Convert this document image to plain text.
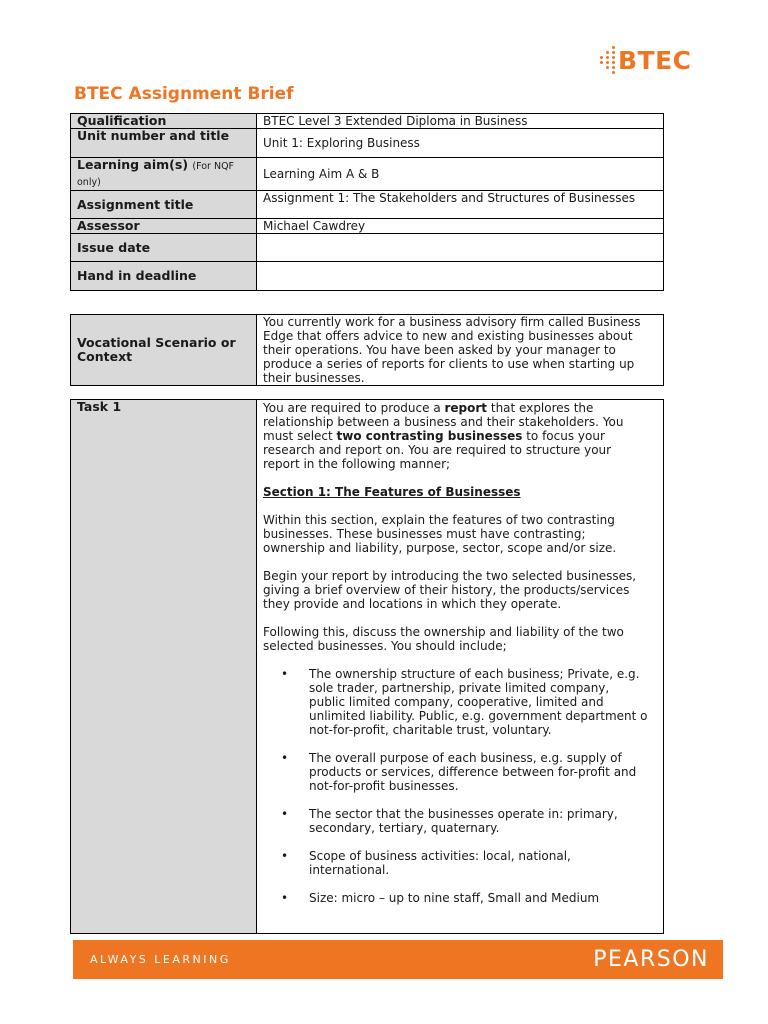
BTEC
BTEC Assignment Brief
Qualification	BTEC Level 3 Extended Diploma in Business
Unit number and title	Unit 1: Exploring Business
Learning aim(s) (For NQF only)	Learning Aim A & B
Assignment title	Assignment 1: The Stakeholders and Structures of Businesses
Assessor	Michael Cawdrey
Issue date	
Hand in deadline	
Vocational Scenario or Context	You currently work for a business advisory firm called Business Edge that offers advice to new and existing businesses about their operations. You have been asked by your manager to produce a series of reports for clients to use when starting up their businesses.
Task 1	You are required to produce a report that explores the relationship between a business and their stakeholders. You must select two contrasting businesses to focus your research and report on. You are required to structure your report in the following manner;

Section 1: The Features of Businesses

Within this section, explain the features of two contrasting businesses. These businesses must have contrasting; ownership and liability, purpose, sector, scope and/or size.

Begin your report by introducing the two selected businesses, giving a brief overview of their history, the products/services they provide and locations in which they operate.

Following this, discuss the ownership and liability of the two selected businesses. You should include;

• The ownership structure of each business; Private, e.g. sole trader, partnership, private limited company, public limited company, cooperative, limited and unlimited liability. Public, e.g. government department o not-for-profit, charitable trust, voluntary.
• The overall purpose of each business, e.g. supply of products or services, difference between for-profit and not-for-profit businesses.
• The sector that the businesses operate in: primary, secondary, tertiary, quaternary.
• Scope of business activities: local, national, international.
• Size: micro – up to nine staff, Small and Medium
ALWAYS LEARNING	PEARSON
